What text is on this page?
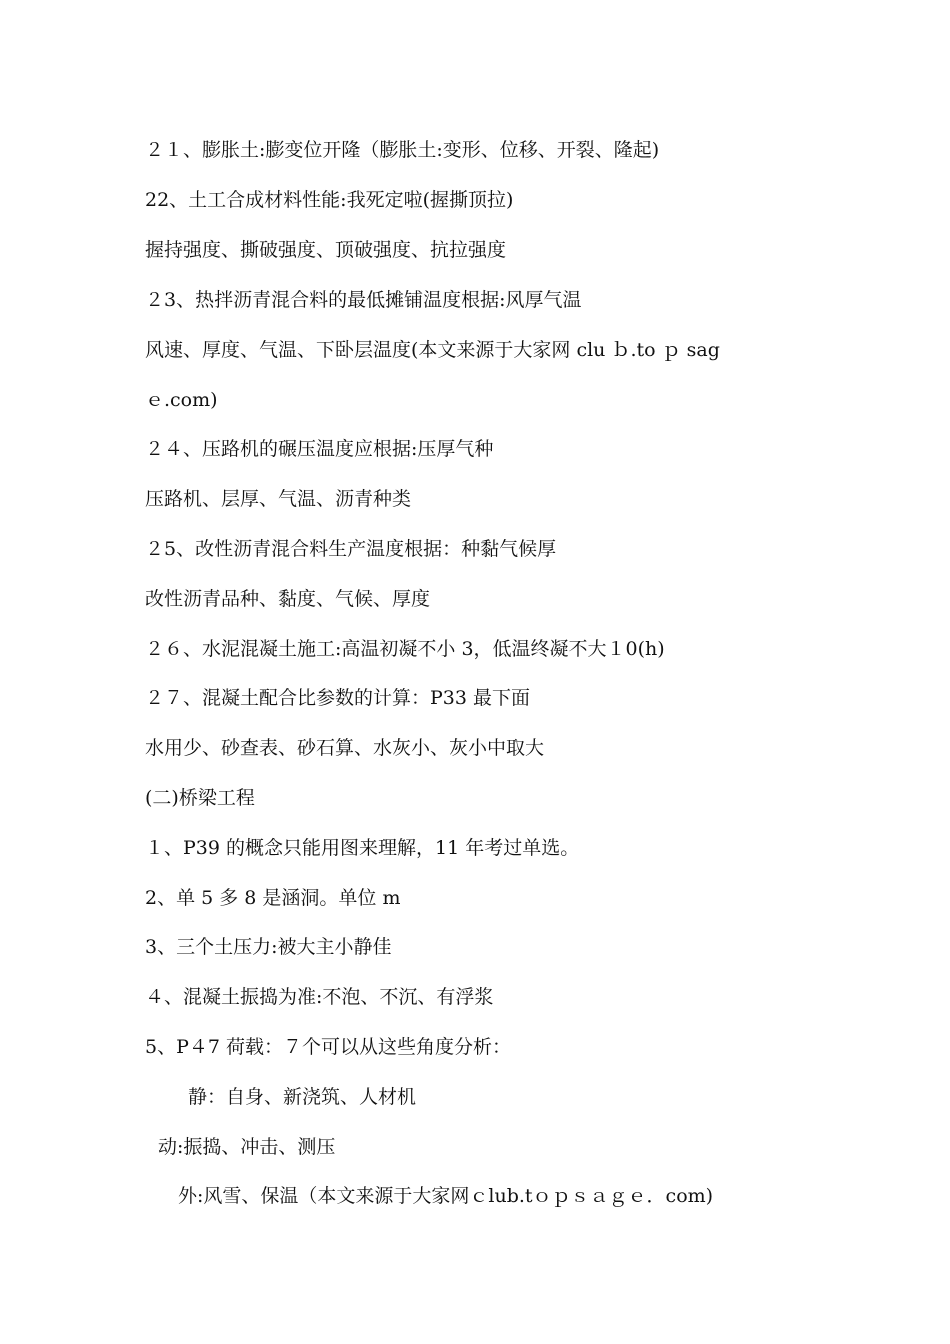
２１、膨胀土:膨变位开隆（膨胀土:变形、位移、开裂、隆起)
22、土工合成材料性能:我死定啦(握撕顶拉)
握持强度、撕破强度、顶破强度、抗拉强度
２3、热拌沥青混合料的最低摊铺温度根据:风厚气温
风速、厚度、气温、下卧层温度(本文来源于大家网 clu ｂ.to ｐ sag
ｅ.com)
２４、压路机的碾压温度应根据:压厚气种
压路机、层厚、气温、沥青种类
２5、改性沥青混合料生产温度根据：种黏气候厚
改性沥青品种、黏度、气候、厚度
２６、水泥混凝土施工:高温初凝不小 3，低温终凝不大１0(h)
２７、混凝土配合比参数的计算：P33 最下面
水用少、砂查表、砂石算、水灰小、灰小中取大
(二)桥梁工程
１、P39 的概念只能用图来理解，11 年考过单选。
2、单 5 多 8 是涵洞。单位 m
3、三个土压力:被大主小静佳
４、混凝土振捣为准:不泡、不沉、有浮浆
5、P４7 荷载：７个可以从这些角度分析：
静：自身、新浇筑、人材机
动:振捣、冲击、测压
外:风雪、保温（本文来源于大家网ｃlub.tｏｐｓａｇｅ．com)
